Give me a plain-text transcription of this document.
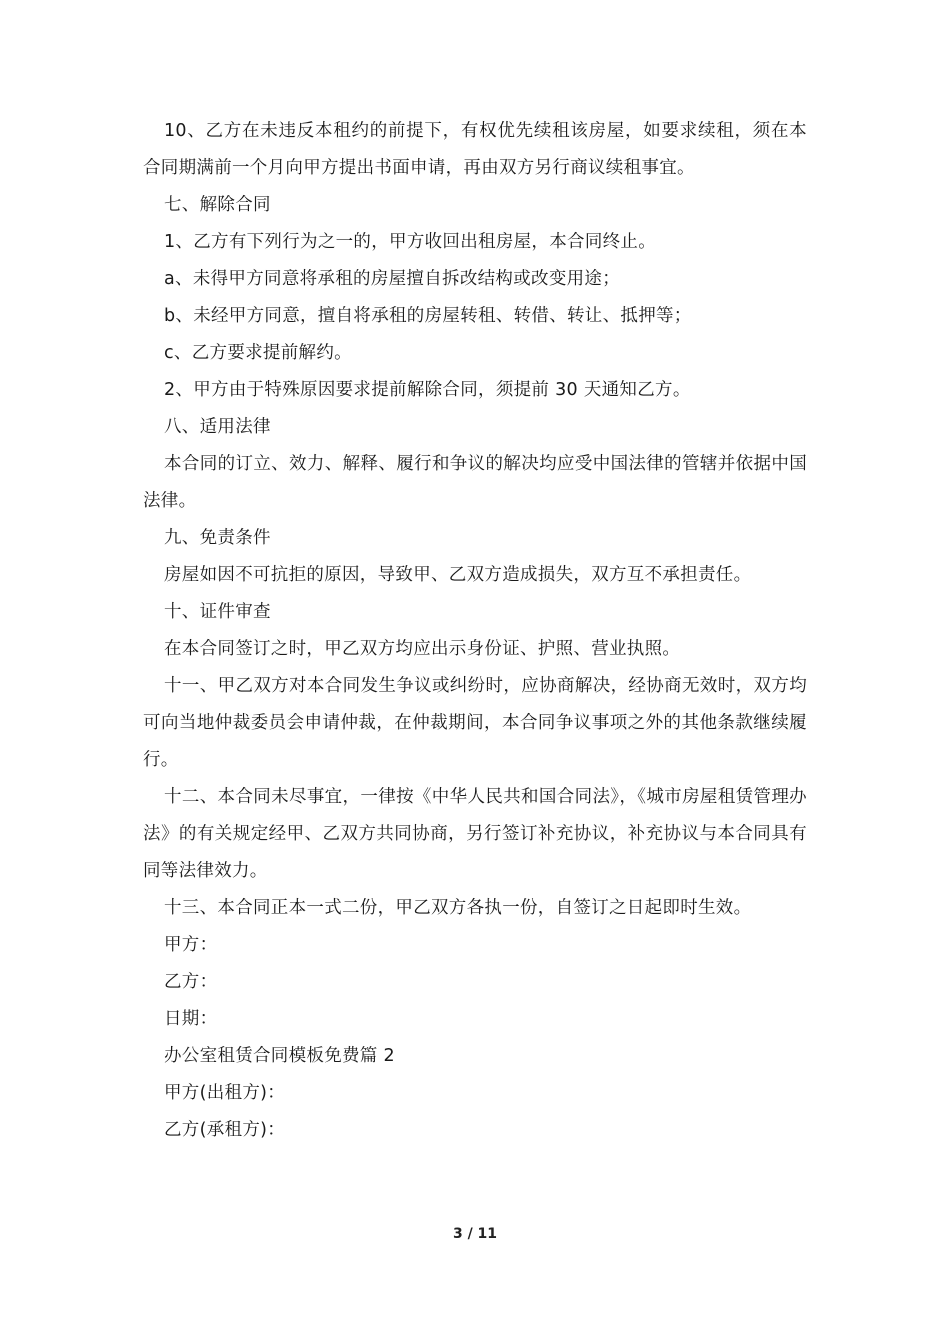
10、乙方在未违反本租约的前提下，有权优先续租该房屋，如要求续租，须在本合同期满前一个月向甲方提出书面申请，再由双方另行商议续租事宜。

七、解除合同

1、乙方有下列行为之一的，甲方收回出租房屋，本合同终止。

a、未得甲方同意将承租的房屋擅自拆改结构或改变用途；

b、未经甲方同意，擅自将承租的房屋转租、转借、转让、抵押等；

c、乙方要求提前解约。

2、甲方由于特殊原因要求提前解除合同，须提前 30 天通知乙方。

八、适用法律

本合同的订立、效力、解释、履行和争议的解决均应受中国法律的管辖并依据中国法律。

九、免责条件

房屋如因不可抗拒的原因，导致甲、乙双方造成损失，双方互不承担责任。

十、证件审查

在本合同签订之时，甲乙双方均应出示身份证、护照、营业执照。

十一、甲乙双方对本合同发生争议或纠纷时，应协商解决，经协商无效时，双方均可向当地仲裁委员会申请仲裁，在仲裁期间，本合同争议事项之外的其他条款继续履行。

十二、本合同未尽事宜，一律按《中华人民共和国合同法》，《城市房屋租赁管理办法》的有关规定经甲、乙双方共同协商，另行签订补充协议，补充协议与本合同具有同等法律效力。

十三、本合同正本一式二份，甲乙双方各执一份，自签订之日起即时生效。

甲方：

乙方：

日期：

办公室租赁合同模板免费篇 2

甲方(出租方)：

乙方(承租方)：

3 / 11
